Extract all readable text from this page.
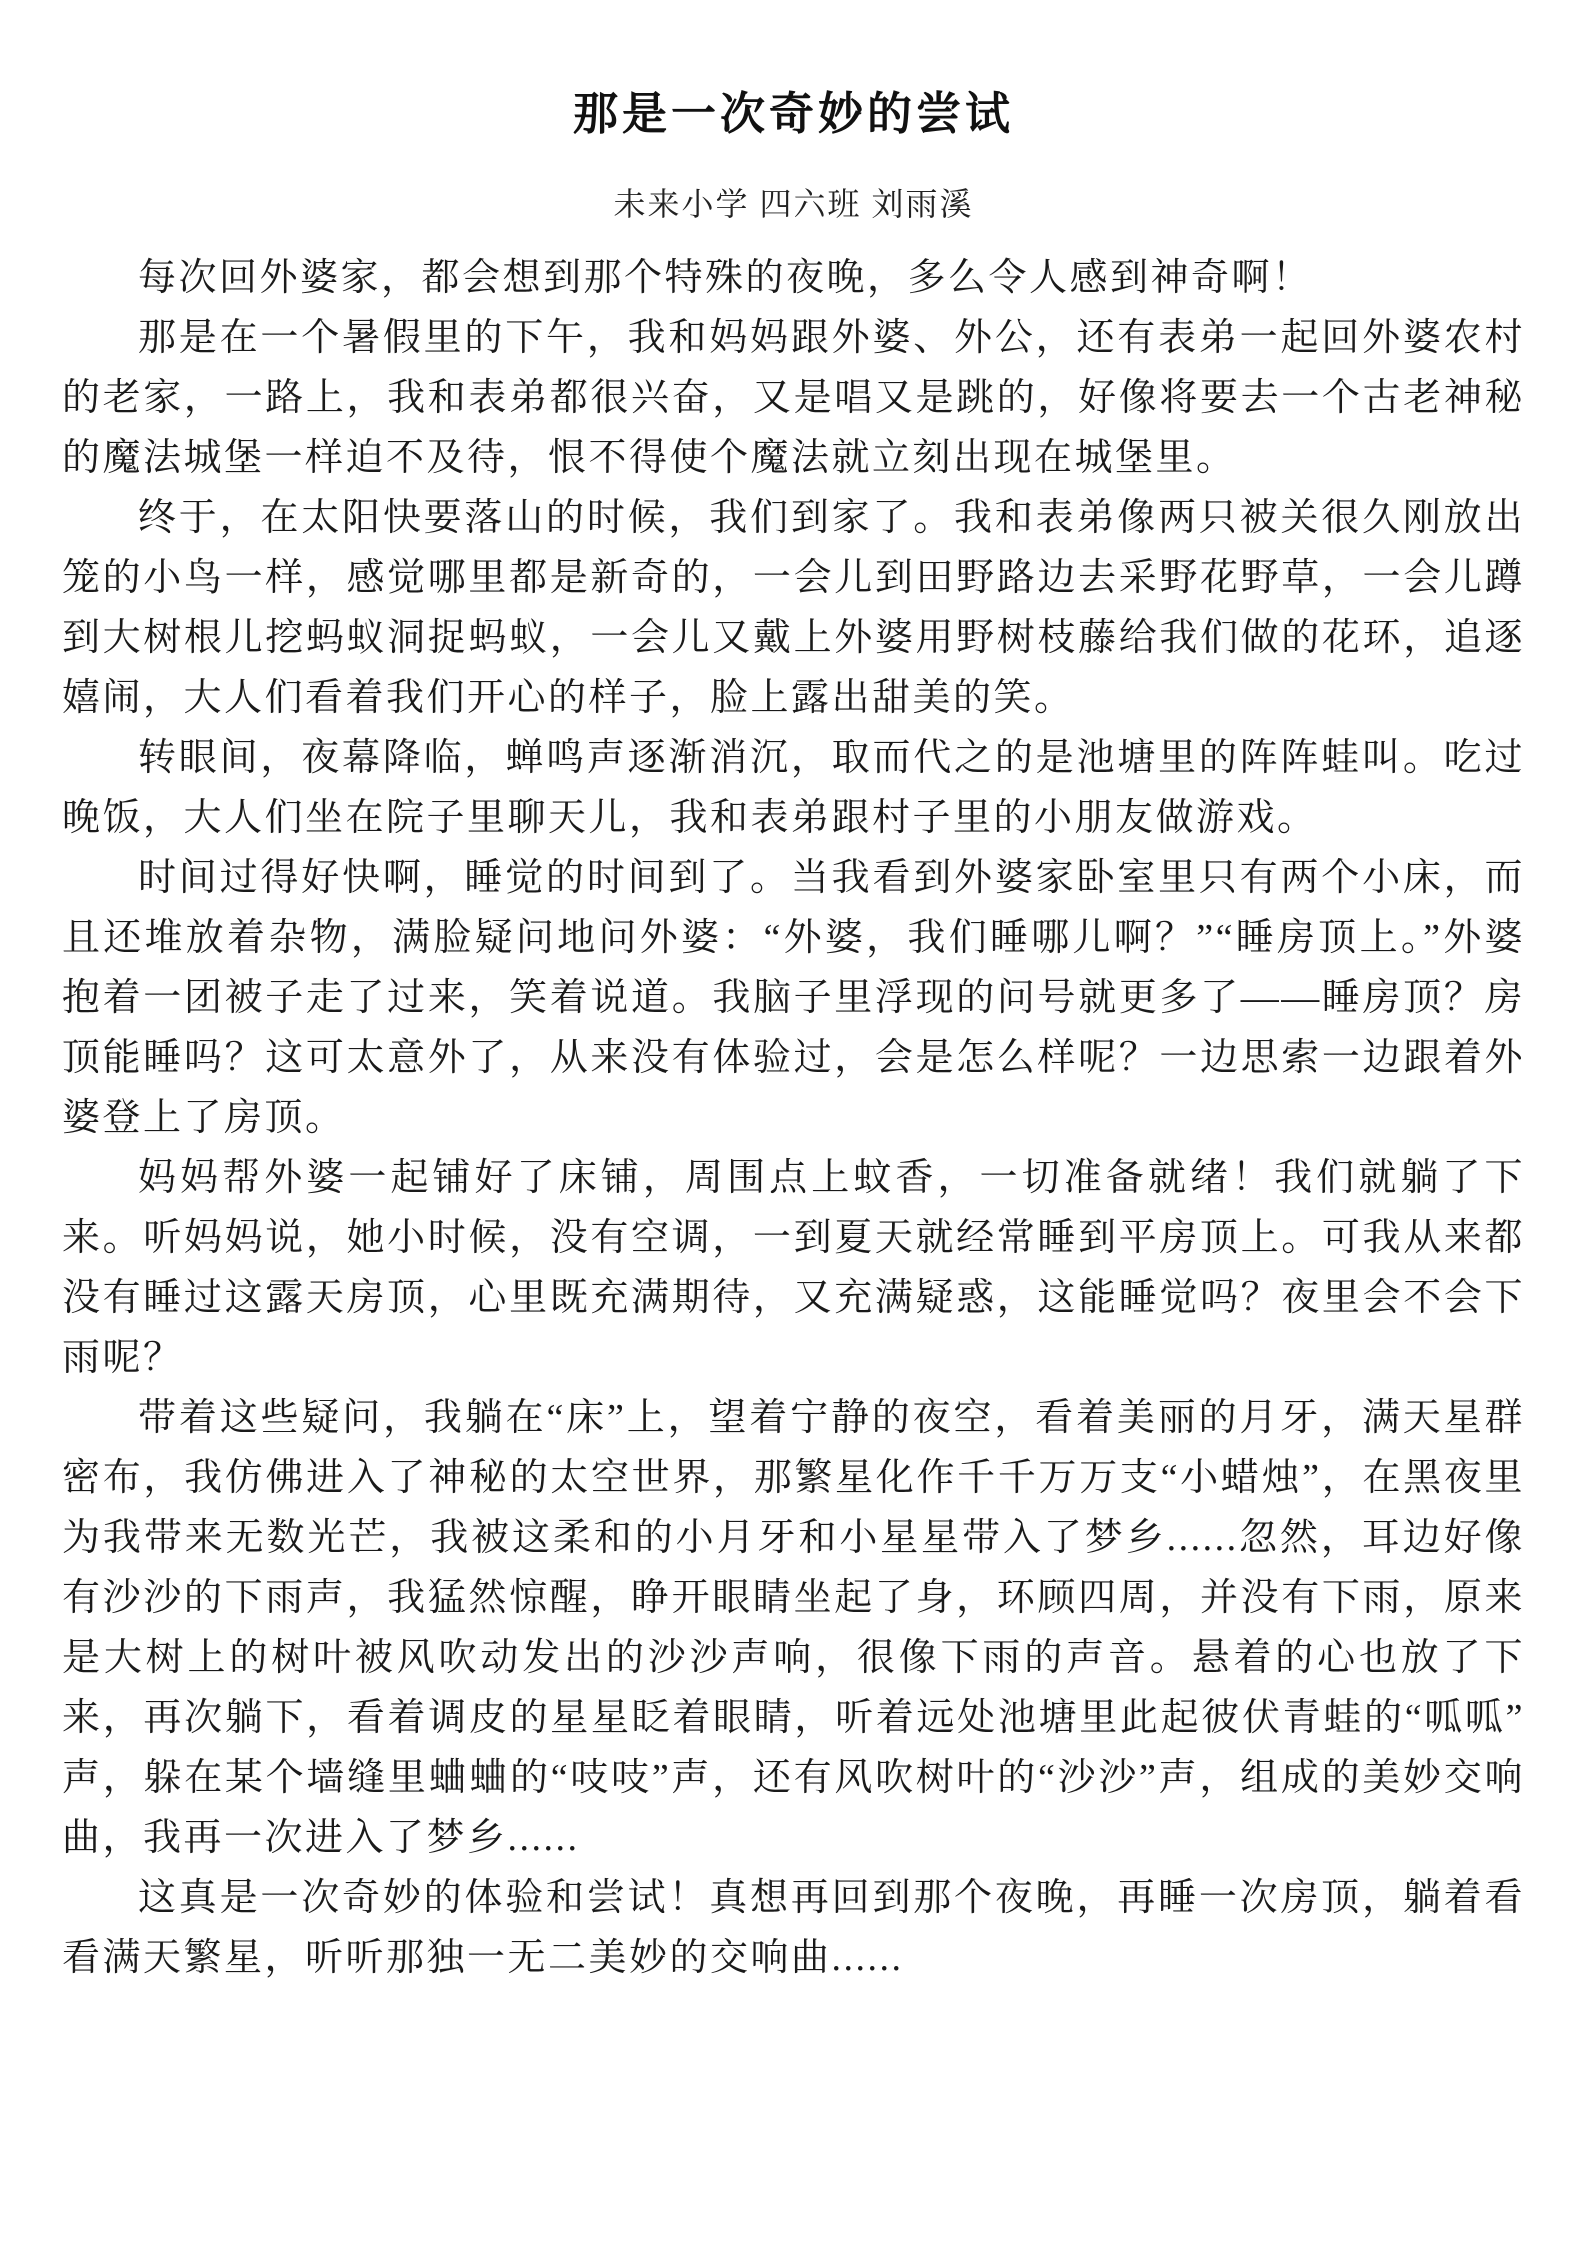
那是一次奇妙的尝试
未来小学 四六班 刘雨溪

每次回外婆家，都会想到那个特殊的夜晚，多么令人感到神奇啊！

那是在一个暑假里的下午，我和妈妈跟外婆、外公，还有表弟一起回外婆农村的老家，一路上，我和表弟都很兴奋，又是唱又是跳的，好像将要去一个古老神秘的魔法城堡一样迫不及待，恨不得使个魔法就立刻出现在城堡里。

终于，在太阳快要落山的时候，我们到家了。我和表弟像两只被关很久刚放出笼的小鸟一样，感觉哪里都是新奇的，一会儿到田野路边去采野花野草，一会儿蹲到大树根儿挖蚂蚁洞捉蚂蚁，一会儿又戴上外婆用野树枝藤给我们做的花环，追逐嬉闹，大人们看着我们开心的样子，脸上露出甜美的笑。

转眼间，夜幕降临，蝉鸣声逐渐消沉，取而代之的是池塘里的阵阵蛙叫。吃过晚饭，大人们坐在院子里聊天儿，我和表弟跟村子里的小朋友做游戏。

时间过得好快啊，睡觉的时间到了。当我看到外婆家卧室里只有两个小床，而且还堆放着杂物，满脸疑问地问外婆：“外婆，我们睡哪儿啊？”“睡房顶上。”外婆抱着一团被子走了过来，笑着说道。我脑子里浮现的问号就更多了——睡房顶？房顶能睡吗？这可太意外了，从来没有体验过，会是怎么样呢？一边思索一边跟着外婆登上了房顶。

妈妈帮外婆一起铺好了床铺，周围点上蚊香，一切准备就绪！我们就躺了下来。听妈妈说，她小时候，没有空调，一到夏天就经常睡到平房顶上。可我从来都没有睡过这露天房顶，心里既充满期待，又充满疑惑，这能睡觉吗？夜里会不会下雨呢？

带着这些疑问，我躺在“床”上，望着宁静的夜空，看着美丽的月牙，满天星群密布，我仿佛进入了神秘的太空世界，那繁星化作千千万万支“小蜡烛”，在黑夜里为我带来无数光芒，我被这柔和的小月牙和小星星带入了梦乡......忽然，耳边好像有沙沙的下雨声，我猛然惊醒，睁开眼睛坐起了身，环顾四周，并没有下雨，原来是大树上的树叶被风吹动发出的沙沙声响，很像下雨的声音。悬着的心也放了下来，再次躺下，看着调皮的星星眨着眼睛，听着远处池塘里此起彼伏青蛙的“呱呱”声，躲在某个墙缝里蛐蛐的“吱吱”声，还有风吹树叶的“沙沙”声，组成的美妙交响曲，我再一次进入了梦乡......

这真是一次奇妙的体验和尝试！真想再回到那个夜晚，再睡一次房顶，躺着看看满天繁星，听听那独一无二美妙的交响曲......
